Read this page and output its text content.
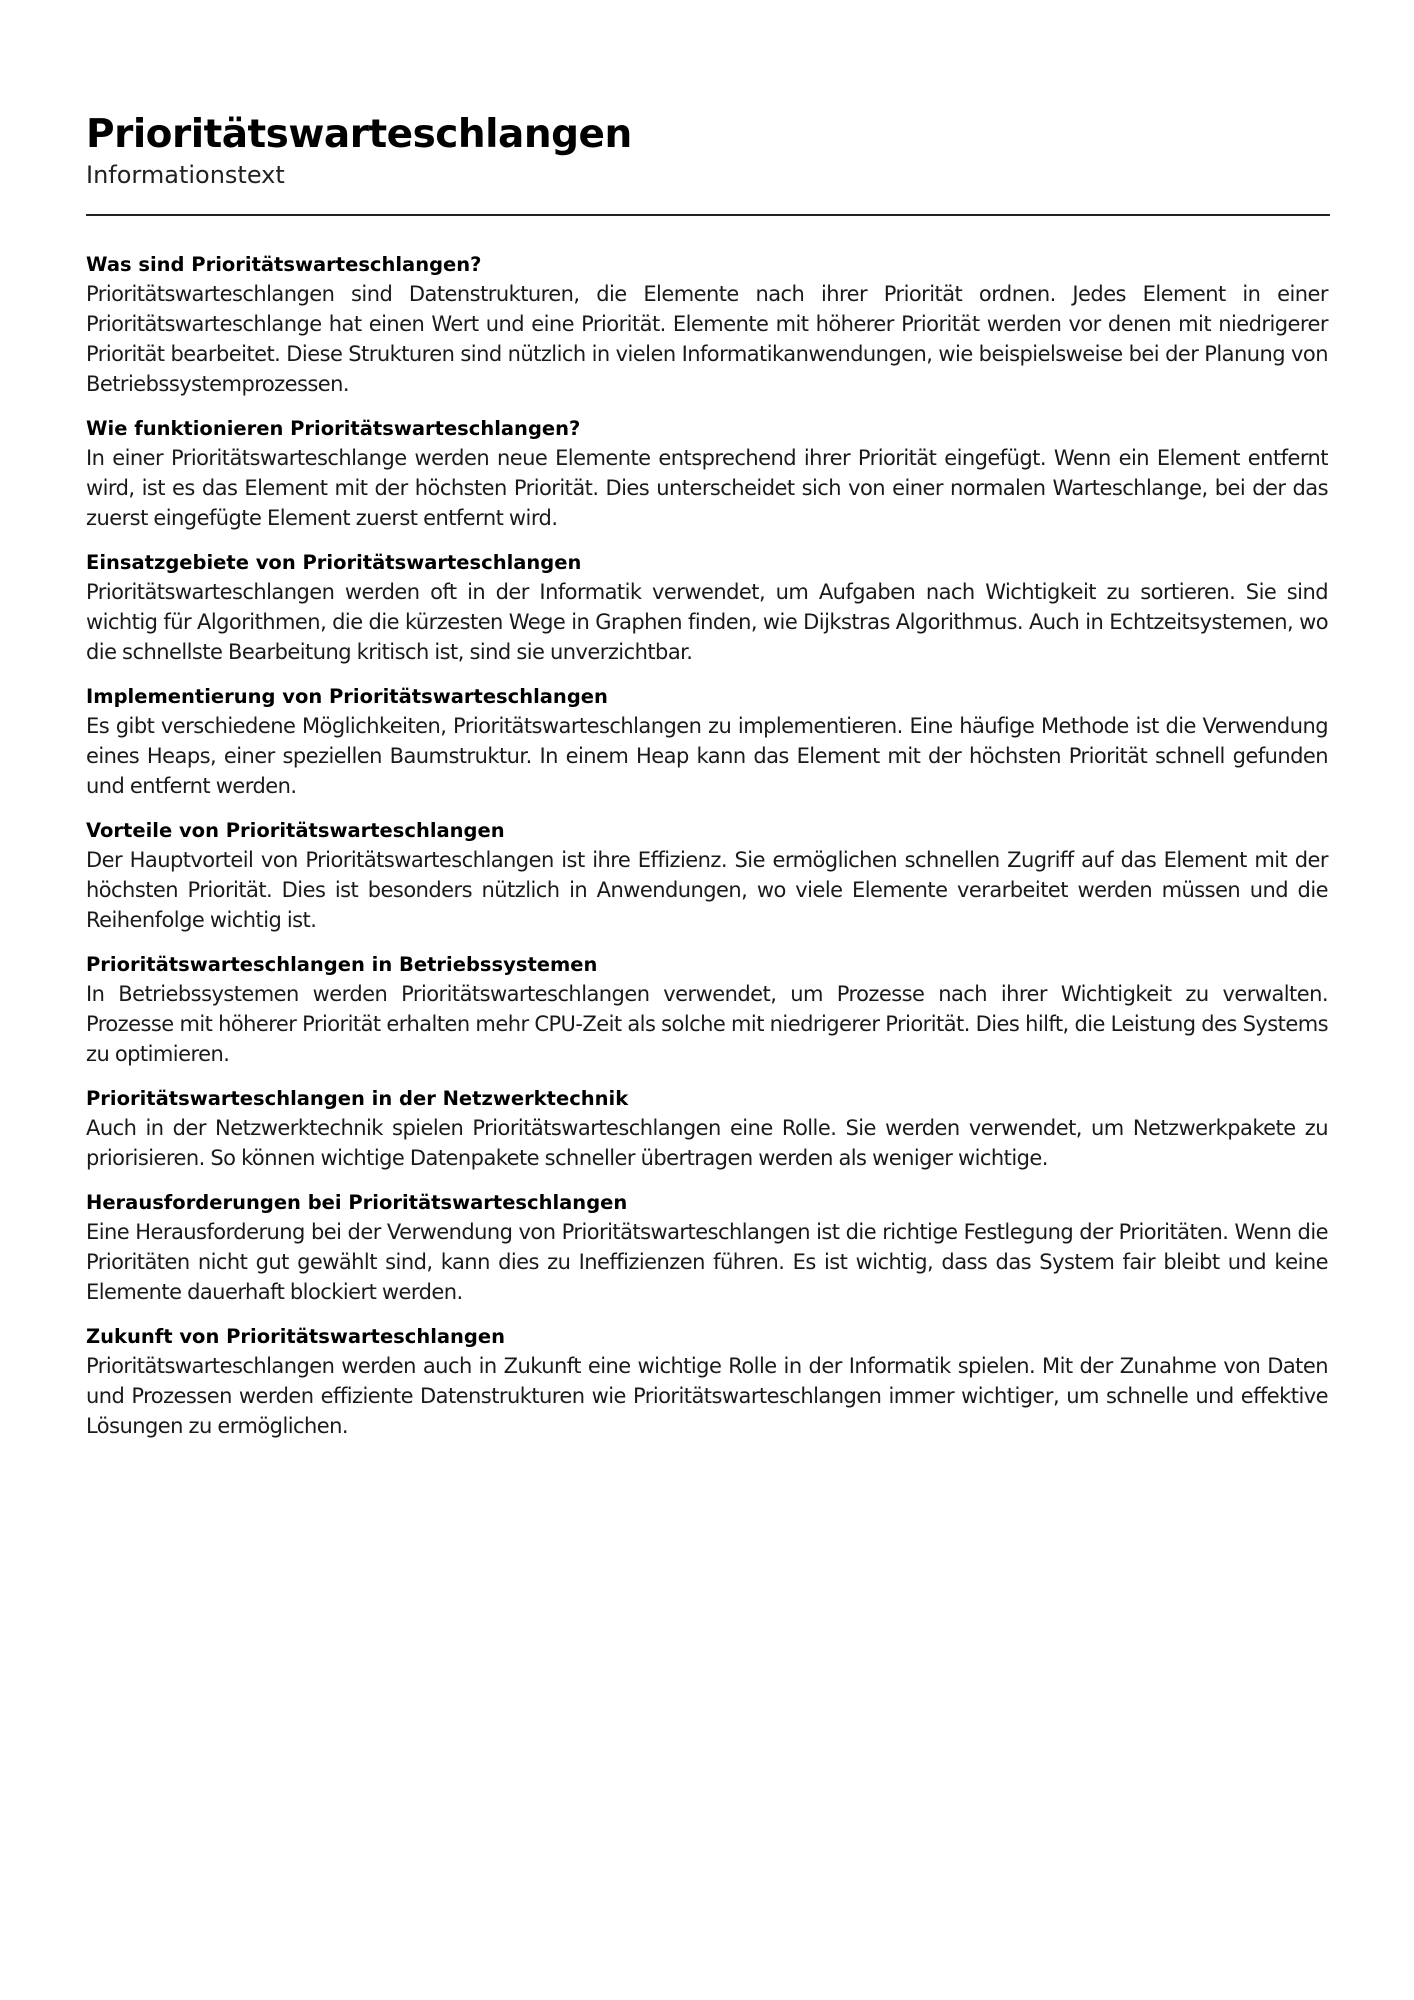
Prioritätswarteschlangen

Informationstext

Was sind Prioritätswarteschlangen?

Prioritätswarteschlangen sind Datenstrukturen, die Elemente nach ihrer Priorität ordnen. Jedes Element in einer Prioritätswarteschlange hat einen Wert und eine Priorität. Elemente mit höherer Priorität werden vor denen mit niedrigerer Priorität bearbeitet. Diese Strukturen sind nützlich in vielen Informatikanwendungen, wie beispielsweise bei der Planung von Betriebssystemprozessen.

Wie funktionieren Prioritätswarteschlangen?

In einer Prioritätswarteschlange werden neue Elemente entsprechend ihrer Priorität eingefügt. Wenn ein Element entfernt wird, ist es das Element mit der höchsten Priorität. Dies unterscheidet sich von einer normalen Warteschlange, bei der das zuerst eingefügte Element zuerst entfernt wird.

Einsatzgebiete von Prioritätswarteschlangen

Prioritätswarteschlangen werden oft in der Informatik verwendet, um Aufgaben nach Wichtigkeit zu sortieren. Sie sind wichtig für Algorithmen, die die kürzesten Wege in Graphen finden, wie Dijkstras Algorithmus. Auch in Echtzeitsystemen, wo die schnellste Bearbeitung kritisch ist, sind sie unverzichtbar.

Implementierung von Prioritätswarteschlangen

Es gibt verschiedene Möglichkeiten, Prioritätswarteschlangen zu implementieren. Eine häufige Methode ist die Verwendung eines Heaps, einer speziellen Baumstruktur. In einem Heap kann das Element mit der höchsten Priorität schnell gefunden und entfernt werden.

Vorteile von Prioritätswarteschlangen

Der Hauptvorteil von Prioritätswarteschlangen ist ihre Effizienz. Sie ermöglichen schnellen Zugriff auf das Element mit der höchsten Priorität. Dies ist besonders nützlich in Anwendungen, wo viele Elemente verarbeitet werden müssen und die Reihenfolge wichtig ist.

Prioritätswarteschlangen in Betriebssystemen

In Betriebssystemen werden Prioritätswarteschlangen verwendet, um Prozesse nach ihrer Wichtigkeit zu verwalten. Prozesse mit höherer Priorität erhalten mehr CPU-Zeit als solche mit niedrigerer Priorität. Dies hilft, die Leistung des Systems zu optimieren.

Prioritätswarteschlangen in der Netzwerktechnik

Auch in der Netzwerktechnik spielen Prioritätswarteschlangen eine Rolle. Sie werden verwendet, um Netzwerkpakete zu priorisieren. So können wichtige Datenpakete schneller übertragen werden als weniger wichtige.

Herausforderungen bei Prioritätswarteschlangen

Eine Herausforderung bei der Verwendung von Prioritätswarteschlangen ist die richtige Festlegung der Prioritäten. Wenn die Prioritäten nicht gut gewählt sind, kann dies zu Ineffizienzen führen. Es ist wichtig, dass das System fair bleibt und keine Elemente dauerhaft blockiert werden.

Zukunft von Prioritätswarteschlangen

Prioritätswarteschlangen werden auch in Zukunft eine wichtige Rolle in der Informatik spielen. Mit der Zunahme von Daten und Prozessen werden effiziente Datenstrukturen wie Prioritätswarteschlangen immer wichtiger, um schnelle und effektive Lösungen zu ermöglichen.
